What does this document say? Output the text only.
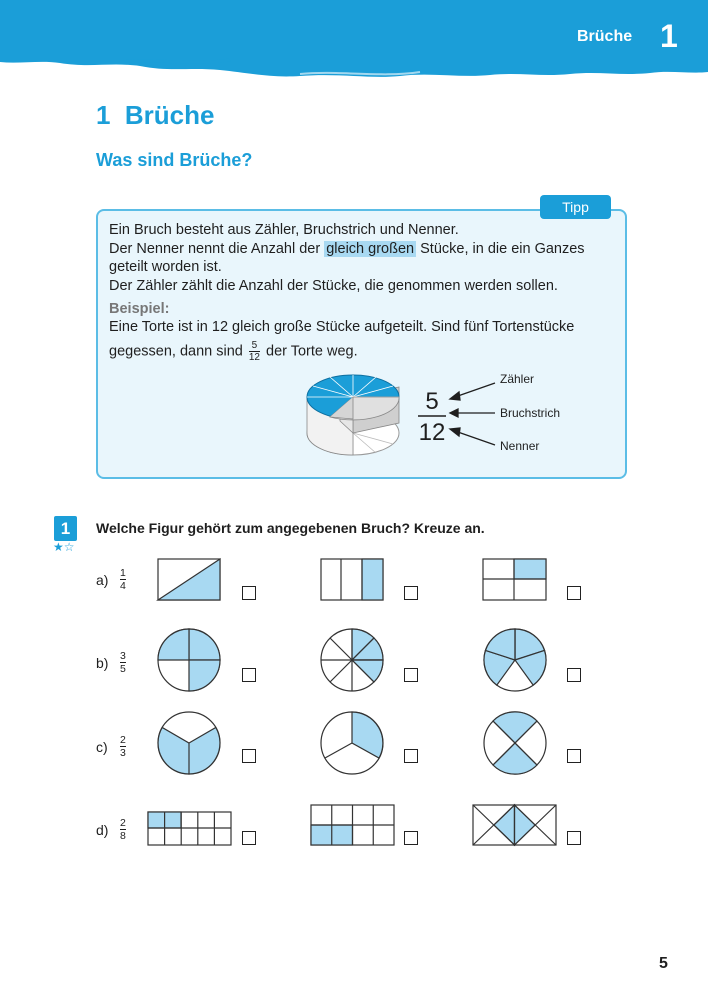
Brüche 1
1  Brüche
Was sind Brüche?
Tipp

Ein Bruch besteht aus Zähler, Bruchstrich und Nenner.

Der Nenner nennt die Anzahl der gleich großen Stücke, in die ein Ganzes

geteilt worden ist.

Der Zähler zählt die Anzahl der Stücke, die genommen werden sollen.

Beispiel:

Eine Torte ist in 12 gleich große Stücke aufgeteilt. Sind fünf Tortenstücke

gegessen, dann sind $\frac{5}{12}$ der Torte weg.

5
12
Zähler
Bruchstrich
Nenner
1
★☆
Welche Figur gehört zum angegebenen Bruch? Kreuze an.
$a) \frac{1}{4}$
$b) \frac{3}{5}$
$c) \frac{2}{3}$
$d) \frac{2}{8}$
5
